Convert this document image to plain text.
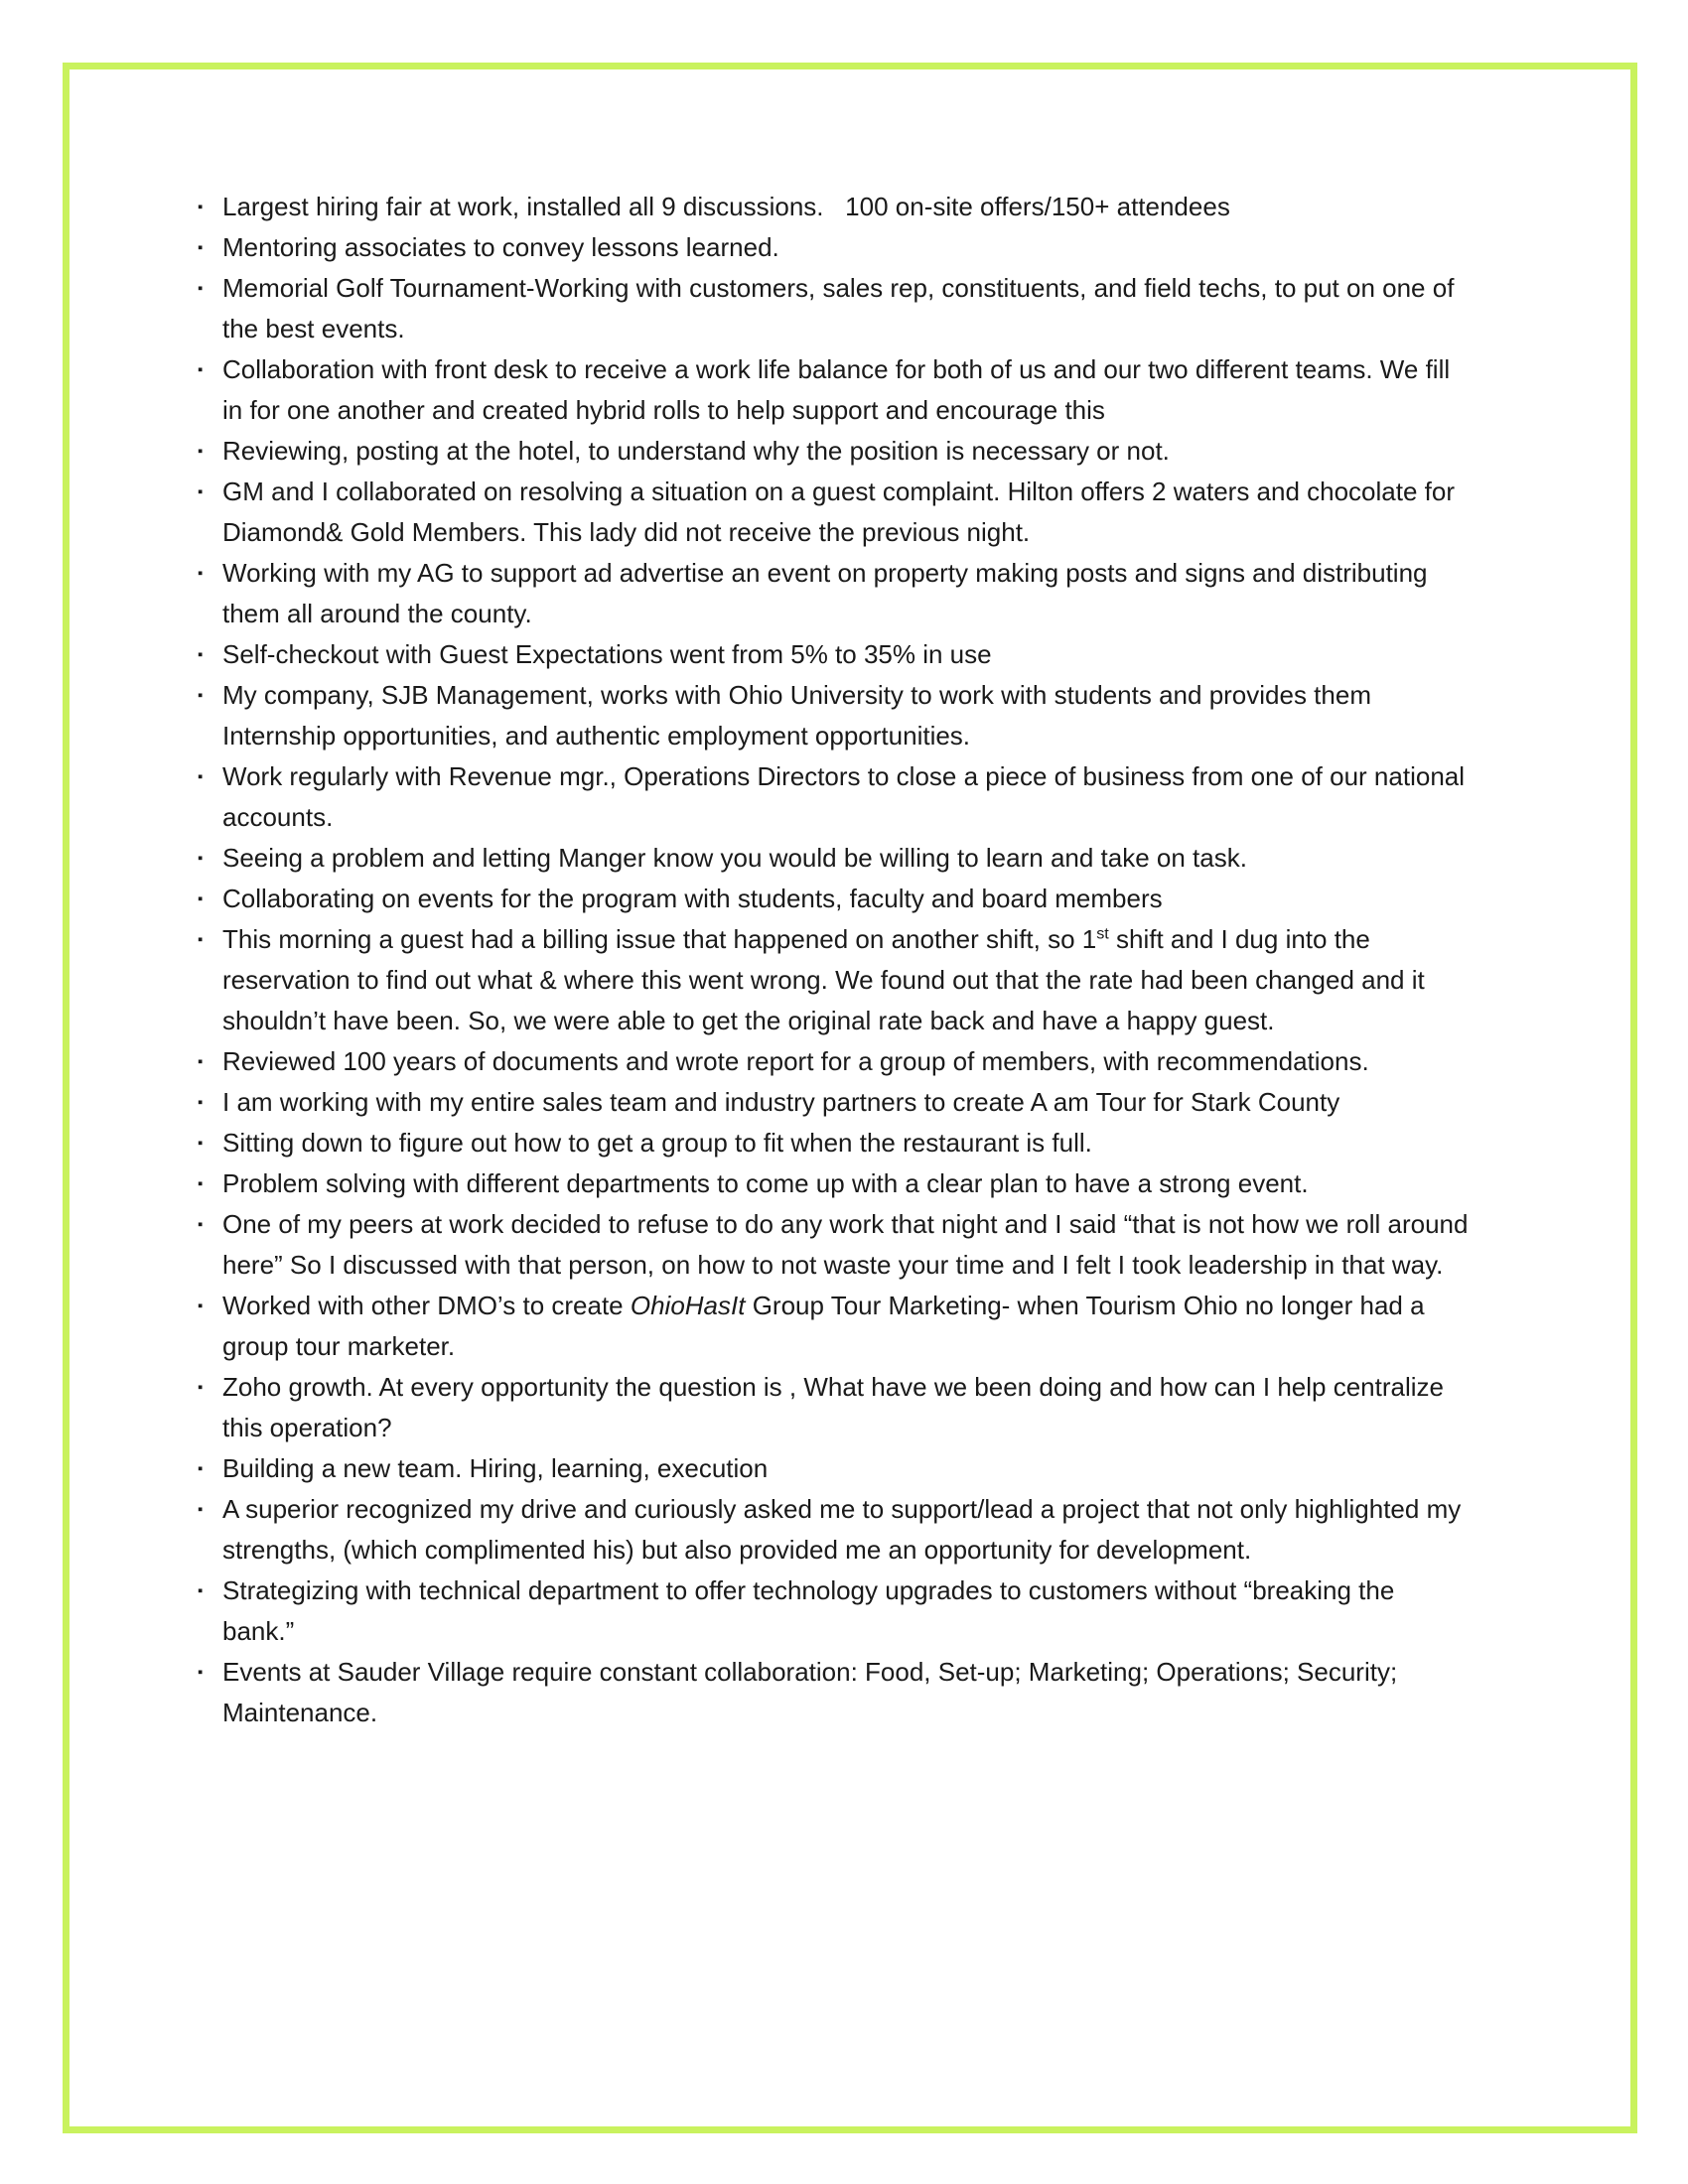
▪ Largest hiring fair at work, installed all 9 discussions.   100 on-site offers/150+ attendees
▪ Mentoring associates to convey lessons learned.
▪ Memorial Golf Tournament-Working with customers, sales rep, constituents, and field techs, to put on one of the best events.
▪ Collaboration with front desk to receive a work life balance for both of us and our two different teams. We fill in for one another and created hybrid rolls to help support and encourage this
▪ Reviewing, posting at the hotel, to understand why the position is necessary or not.
▪ GM and I collaborated on resolving a situation on a guest complaint. Hilton offers 2 waters and chocolate for Diamond& Gold Members. This lady did not receive the previous night.
▪ Working with my AG to support ad advertise an event on property making posts and signs and distributing them all around the county.
▪ Self-checkout with Guest Expectations went from 5% to 35% in use
▪ My company, SJB Management, works with Ohio University to work with students and provides them Internship opportunities, and authentic employment opportunities.
▪ Work regularly with Revenue mgr., Operations Directors to close a piece of business from one of our national accounts.
▪ Seeing a problem and letting Manger know you would be willing to learn and take on task.
▪ Collaborating on events for the program with students, faculty and board members
▪ This morning a guest had a billing issue that happened on another shift, so 1st shift and I dug into the reservation to find out what & where this went wrong. We found out that the rate had been changed and it shouldn’t have been. So, we were able to get the original rate back and have a happy guest.
▪ Reviewed 100 years of documents and wrote report for a group of members, with recommendations.
▪ I am working with my entire sales team and industry partners to create A am Tour for Stark County
▪ Sitting down to figure out how to get a group to fit when the restaurant is full.
▪ Problem solving with different departments to come up with a clear plan to have a strong event.
▪ One of my peers at work decided to refuse to do any work that night and I said “that is not how we roll around here” So I discussed with that person, on how to not waste your time and I felt I took leadership in that way.
▪ Worked with other DMO’s to create OhioHasIt Group Tour Marketing- when Tourism Ohio no longer had a group tour marketer.
▪ Zoho growth. At every opportunity the question is , What have we been doing and how can I help centralize this operation?
▪ Building a new team. Hiring, learning, execution
▪ A superior recognized my drive and curiously asked me to support/lead a project that not only highlighted my strengths, (which complimented his) but also provided me an opportunity for development.
▪ Strategizing with technical department to offer technology upgrades to customers without “breaking the bank.”
▪ Events at Sauder Village require constant collaboration: Food, Set-up; Marketing; Operations; Security; Maintenance.
